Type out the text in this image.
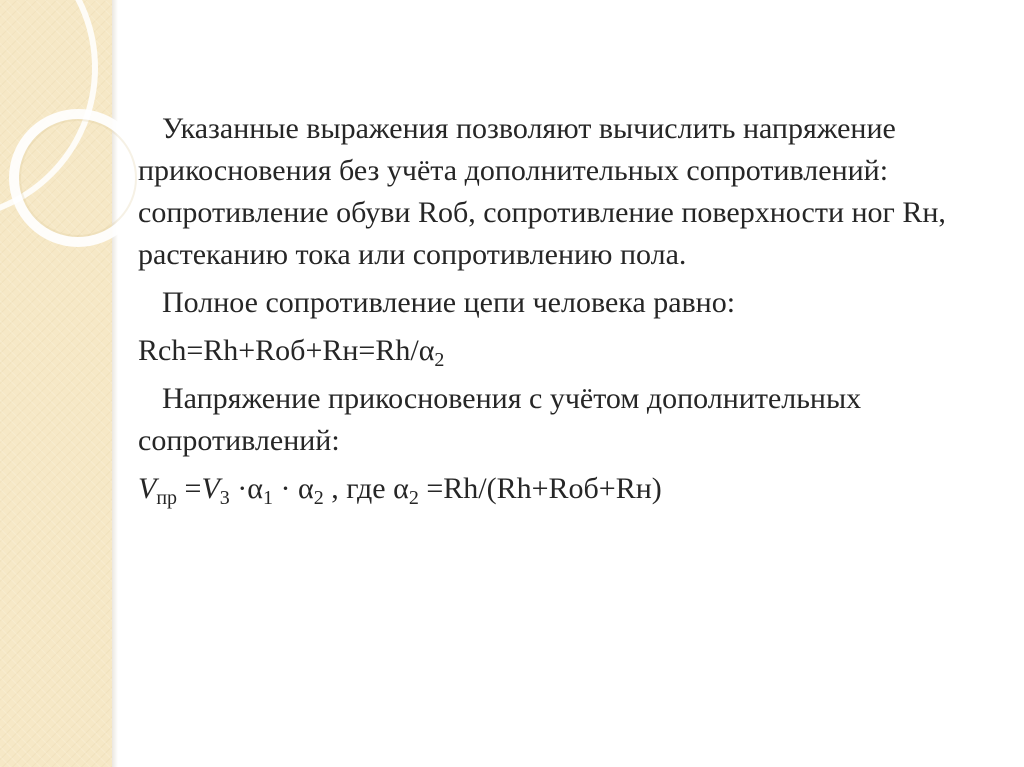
Указанные выражения позволяют вычислить напряжение прикосновения без учёта дополнительных сопротивлений: сопротивление обуви Rоб, сопротивление поверхности ног Rн, растеканию тока или сопротивлению пола.

Полное сопротивление цепи человека равно:

$Rch=Rh+Rоб+Rн=Rh/\alpha_2$

Напряжение прикосновения с учётом дополнительных сопротивлений:

$V_{пр} =V_3 \cdot\alpha_1 \cdot \alpha_2$ , где $\alpha_2 =Rh/(Rh+Rоб+Rн)$
